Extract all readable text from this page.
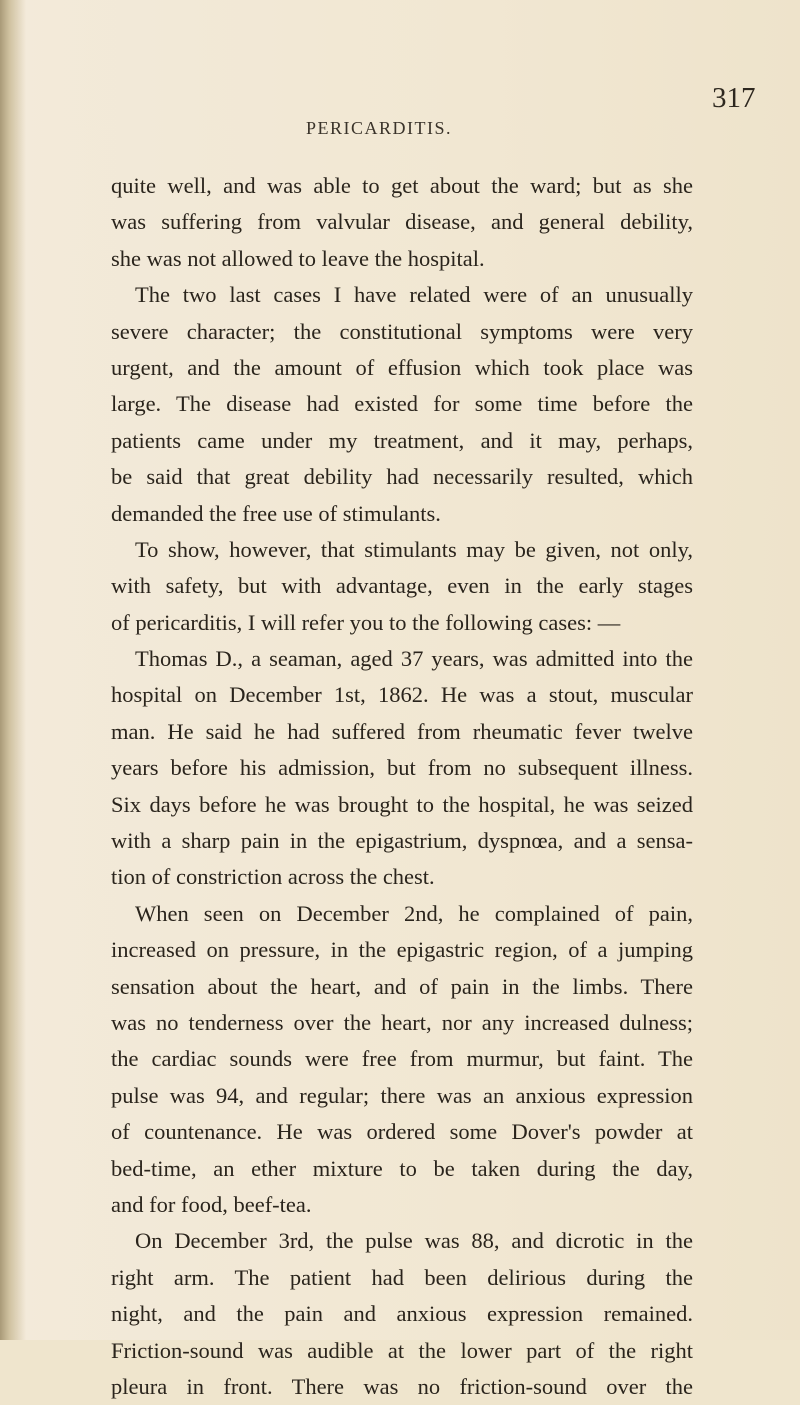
PERICARDITIS.
317
quite well, and was able to get about the ward; but as she
was suffering from valvular disease, and general debility,
she was not allowed to leave the hospital.
The two last cases I have related were of an unusually
severe character; the constitutional symptoms were very
urgent, and the amount of effusion which took place was
large. The disease had existed for some time before the
patients came under my treatment, and it may, perhaps,
be said that great debility had necessarily resulted, which
demanded the free use of stimulants.
To show, however, that stimulants may be given, not only,
with safety, but with advantage, even in the early stages
of pericarditis, I will refer you to the following cases: —
Thomas D., a seaman, aged 37 years, was admitted into the
hospital on December 1st, 1862. He was a stout, muscular
man. He said he had suffered from rheumatic fever twelve
years before his admission, but from no subsequent illness.
Six days before he was brought to the hospital, he was seized
with a sharp pain in the epigastrium, dyspnœa, and a sensa-
tion of constriction across the chest.
When seen on December 2nd, he complained of pain,
increased on pressure, in the epigastric region, of a jumping
sensation about the heart, and of pain in the limbs. There
was no tenderness over the heart, nor any increased dulness;
the cardiac sounds were free from murmur, but faint. The
pulse was 94, and regular; there was an anxious expression
of countenance. He was ordered some Dover's powder at
bed-time, an ether mixture to be taken during the day,
and for food, beef-tea.
On December 3rd, the pulse was 88, and dicrotic in the
right arm. The patient had been delirious during the
night, and the pain and anxious expression remained.
Friction-sound was audible at the lower part of the right
pleura in front. There was no friction-sound over the
